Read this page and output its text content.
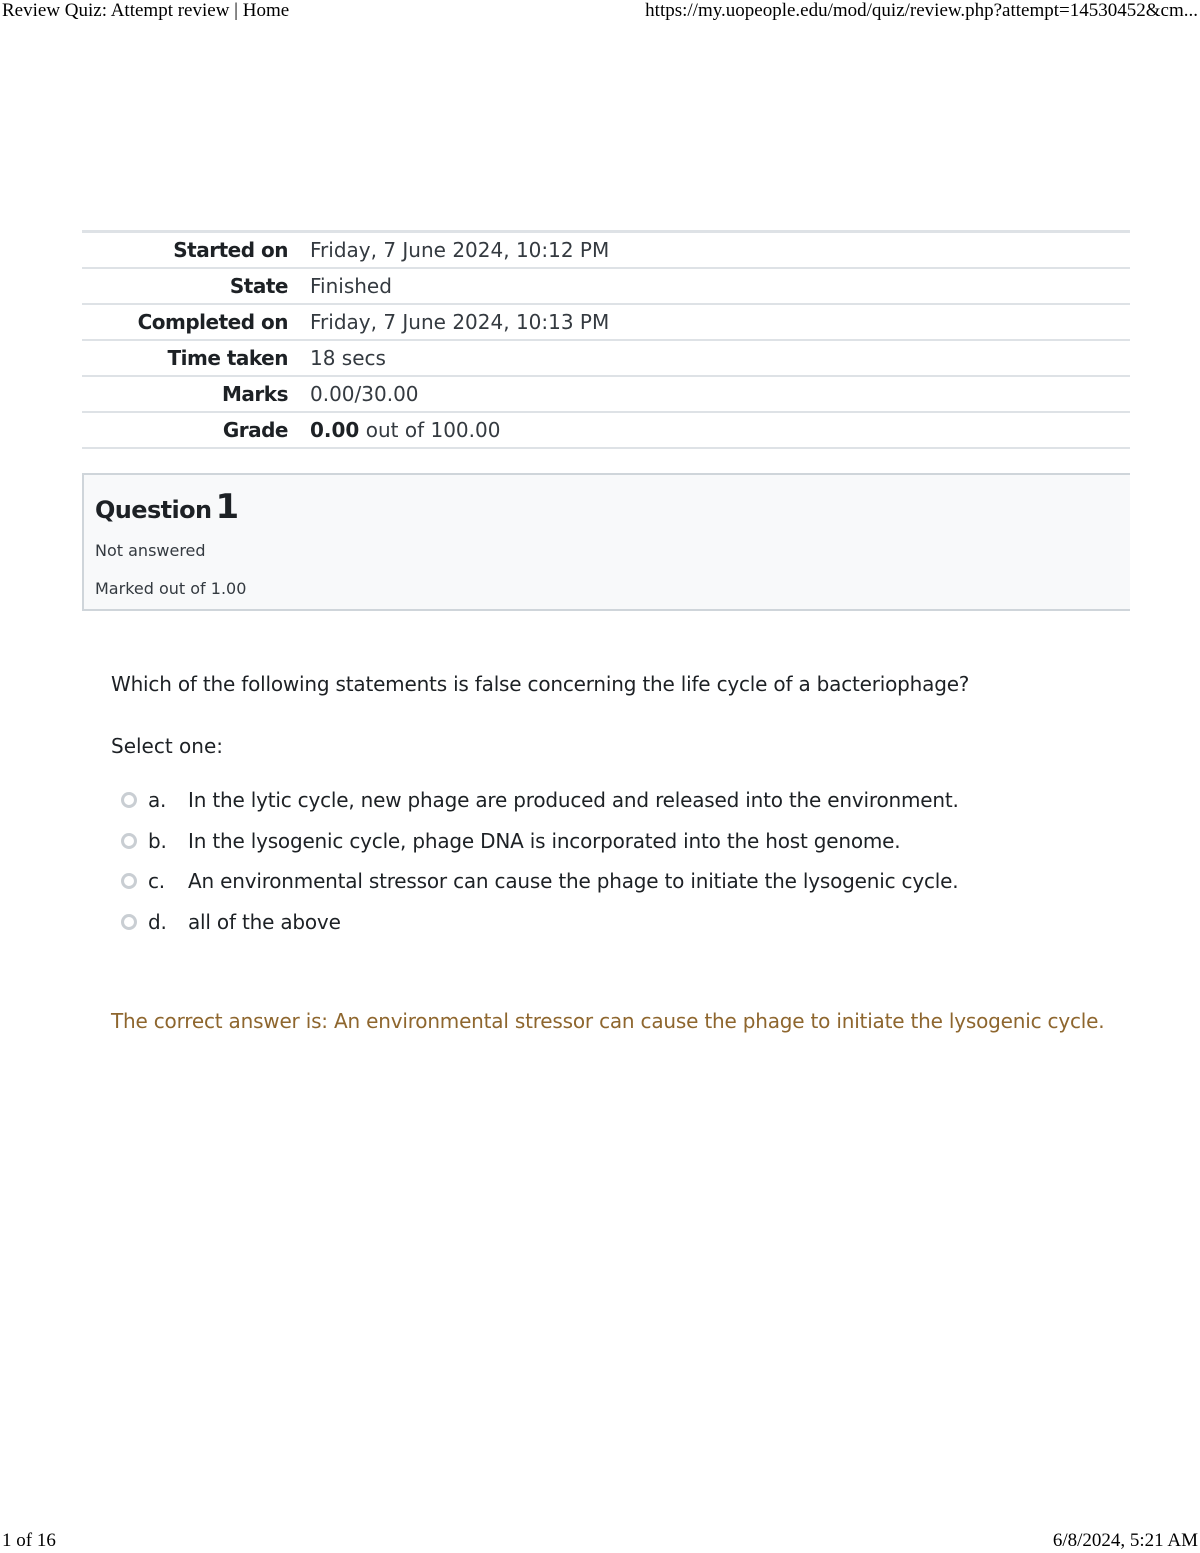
Review Quiz: Attempt review | Home	https://my.uopeople.edu/mod/quiz/review.php?attempt=14530452&cm...
Started on	Friday, 7 June 2024, 10:12 PM
State	Finished
Completed on	Friday, 7 June 2024, 10:13 PM
Time taken	18 secs
Marks	0.00/30.00
Grade	0.00 out of 100.00
Question 1
Not answered
Marked out of 1.00
Which of the following statements is false concerning the life cycle of a bacteriophage?
Select one:
a.	In the lytic cycle, new phage are produced and released into the environment.
b.	In the lysogenic cycle, phage DNA is incorporated into the host genome.
c.	An environmental stressor can cause the phage to initiate the lysogenic cycle.
d.	all of the above
The correct answer is: An environmental stressor can cause the phage to initiate the lysogenic cycle.
1 of 16	6/8/2024, 5:21 AM
